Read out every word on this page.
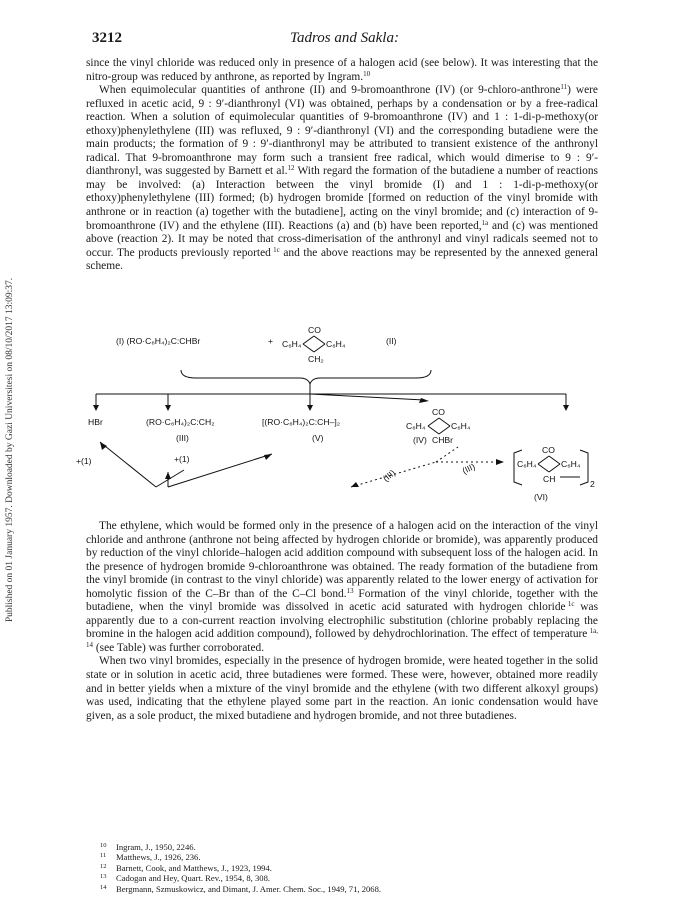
Published on 01 January 1957. Downloaded by Gazi Universitesi on 08/10/2017 13:09:37.
3212	Tadros and Sakla:

since the vinyl chloride was reduced only in presence of a halogen acid (see below). It was interesting that the nitro-group was reduced by anthrone, as reported by Ingram.$^{10}$

When equimolecular quantities of anthrone (II) and 9-bromoanthrone (IV) (or 9-chloro-anthrone$^{11}$) were refluxed in acetic acid, 9 : 9′-dianthronyl (VI) was obtained, perhaps by a condensation or by a free-radical reaction. When a solution of equimolecular quantities of 9-bromoanthrone (IV) and 1 : 1-di-p-methoxy(or ethoxy)phenylethylene (III) was refluxed, 9 : 9′-dianthronyl (VI) and the corresponding butadiene were the main products; the formation of 9 : 9′-dianthronyl may be attributed to transient existence of the anthronyl radical. That 9-bromoanthrone may form such a transient free radical, which would dimerise to 9 : 9′-dianthronyl, was suggested by Barnett et al.$^{12}$ With regard the formation of the butadiene a number of reactions may be involved: (a) Interaction between the vinyl bromide (I) and 1 : 1-di-p-methoxy(or ethoxy)phenylethylene (III) formed; (b) hydrogen bromide [formed on reduction of the vinyl bromide with anthrone or in reaction (a) together with the butadiene], acting on the vinyl bromide; and (c) interaction of 9-bromoanthrone (IV) and the ethylene (III). Reactions (a) and (b) have been reported,$^{1a}$ and (c) was mentioned above (reaction 2). It may be noted that cross-dimerisation of the anthronyl and vinyl radicals seemed not to occur. The products previously reported  $^{1c}$ and the above reactions may be represented by the annexed general scheme.

(I) (RO·C₆H₄)₂C:CHBr	+	(II)
CO
C₆H₄	C₆H₄
CH₂
HBr	(RO·C₆H₄)₂C:CH₂
(III)
+(1)	+(1)
[(RO·C₆H₄)₂C:CH–]₂
(V)
CO
C₆H₄	C₆H₄
CHBr
(IV)
(III)	(III)
CO
C₆H₄	C₆H₄
CH	2
(VI)

The ethylene, which would be formed only in the presence of a halogen acid on the interaction of the vinyl chloride and anthrone (anthrone not being affected by hydrogen chloride or bromide), was apparently produced by reduction of the vinyl chloride–halogen acid addition compound with subsequent loss of the halogen acid. In the presence of hydrogen bromide 9-chloroanthrone was obtained. The ready formation of the butadiene from the vinyl bromide (in contrast to the vinyl chloride) was apparently related to the lower energy of activation for homolytic fission of the C–Br than of the C–Cl bond.$^{13}$ Formation of the vinyl chloride, together with the butadiene, when the vinyl bromide was dissolved in acetic acid saturated with hydrogen chloride  $^{1c}$ was apparently due to a con-current reaction involving electrophilic substitution (chlorine probably replacing the bromine in the halogen acid addition compound), followed by dehydrochlorination. The effect of temperature  $^{1a, 14}$ (see Table) was further corroborated.

When two vinyl bromides, especially in the presence of hydrogen bromide, were heated together in the solid state or in solution in acetic acid, three butadienes were formed. These were, however, obtained more readily and in better yields when a mixture of the vinyl bromide and the ethylene (with two different alkoxyl groups) was used, indicating that the ethylene played some part in the reaction. An ionic condensation would have given, as a sole product, the mixed butadiene and hydrogen bromide, and not three butadienes.

10 Ingram, J., 1950, 2246.
11 Matthews, J., 1926, 236.
12 Barnett, Cook, and Matthews, J., 1923, 1994.
13 Cadogan and Hey, Quart. Rev., 1954, 8, 308.
14 Bergmann, Szmuskowicz, and Dimant, J. Amer. Chem. Soc., 1949, 71, 2068.
